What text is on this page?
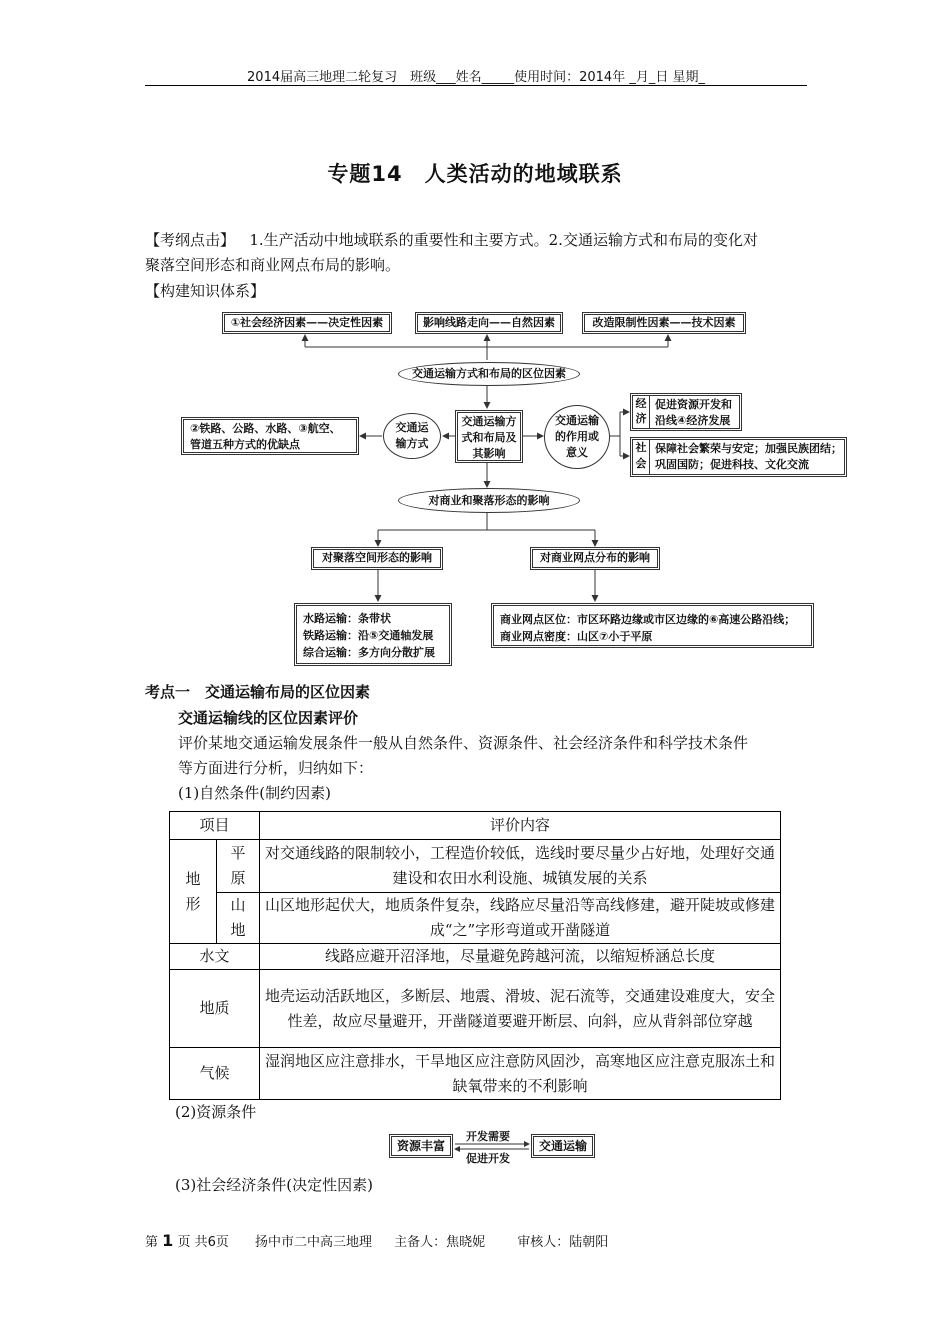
2014届高三地理二轮复习　班级___姓名_____使用时间：2014年 _月_日 星期_
专题14　人类活动的地域联系
【考纲点击】 1.生产活动中地域联系的重要性和主要方式。2.交通运输方式和布局的变化对
聚落空间形态和商业网点布局的影响。
【构建知识体系】
①社会经济因素——决定性因素	影响线路走向——自然因素	改造限制性因素——技术因素
交通运输方式和布局的区位因素
②铁路、公路、水路、③航空、
管道五种方式的优缺点
交通运
输方式
交通运输方
式和布局及
其影响
交通运输
的作用或
意义
经济
促进资源开发和
沿线④经济发展
社会
保障社会繁荣与安定；加强民族团结；
巩固国防；促进科技、文化交流
对商业和聚落形态的影响
对聚落空间形态的影响	对商业网点分布的影响
水路运输：条带状
铁路运输：沿⑤交通轴发展
综合运输：多方向分散扩展
商业网点区位：市区环路边缘或市区边缘的⑥高速公路沿线；
商业网点密度：山区⑦小于平原
考点一　交通运输布局的区位因素
交通运输线的区位因素评价
评价某地交通运输发展条件一般从自然条件、资源条件、社会经济条件和科学技术条件
等方面进行分析，归纳如下：
(1)自然条件(制约因素)
项目		评价内容
地形	平原	对交通线路的限制较小，工程造价较低，选线时要尽量少占好地，处理好交通建设和农田水利设施、城镇发展的关系
	山地	山区地形起伏大，地质条件复杂，线路应尽量沿等高线修建，避开陡坡或修建成“之”字形弯道或开凿隧道
水文		线路应避开沼泽地，尽量避免跨越河流，以缩短桥涵总长度
地质		地壳运动活跃地区，多断层、地震、滑坡、泥石流等，交通建设难度大，安全性差，故应尽量避开，开凿隧道要避开断层、向斜，应从背斜部位穿越
气候		湿润地区应注意排水，干旱地区应注意防风固沙，高寒地区应注意克服冻土和缺氧带来的不利影响
(2)资源条件
资源丰富	交通运输
开发需要
促进开发
(3)社会经济条件(决定性因素)
第 1 页 共6页 扬中市二中高三地理 主备人：焦晓妮 审核人：陆朝阳
